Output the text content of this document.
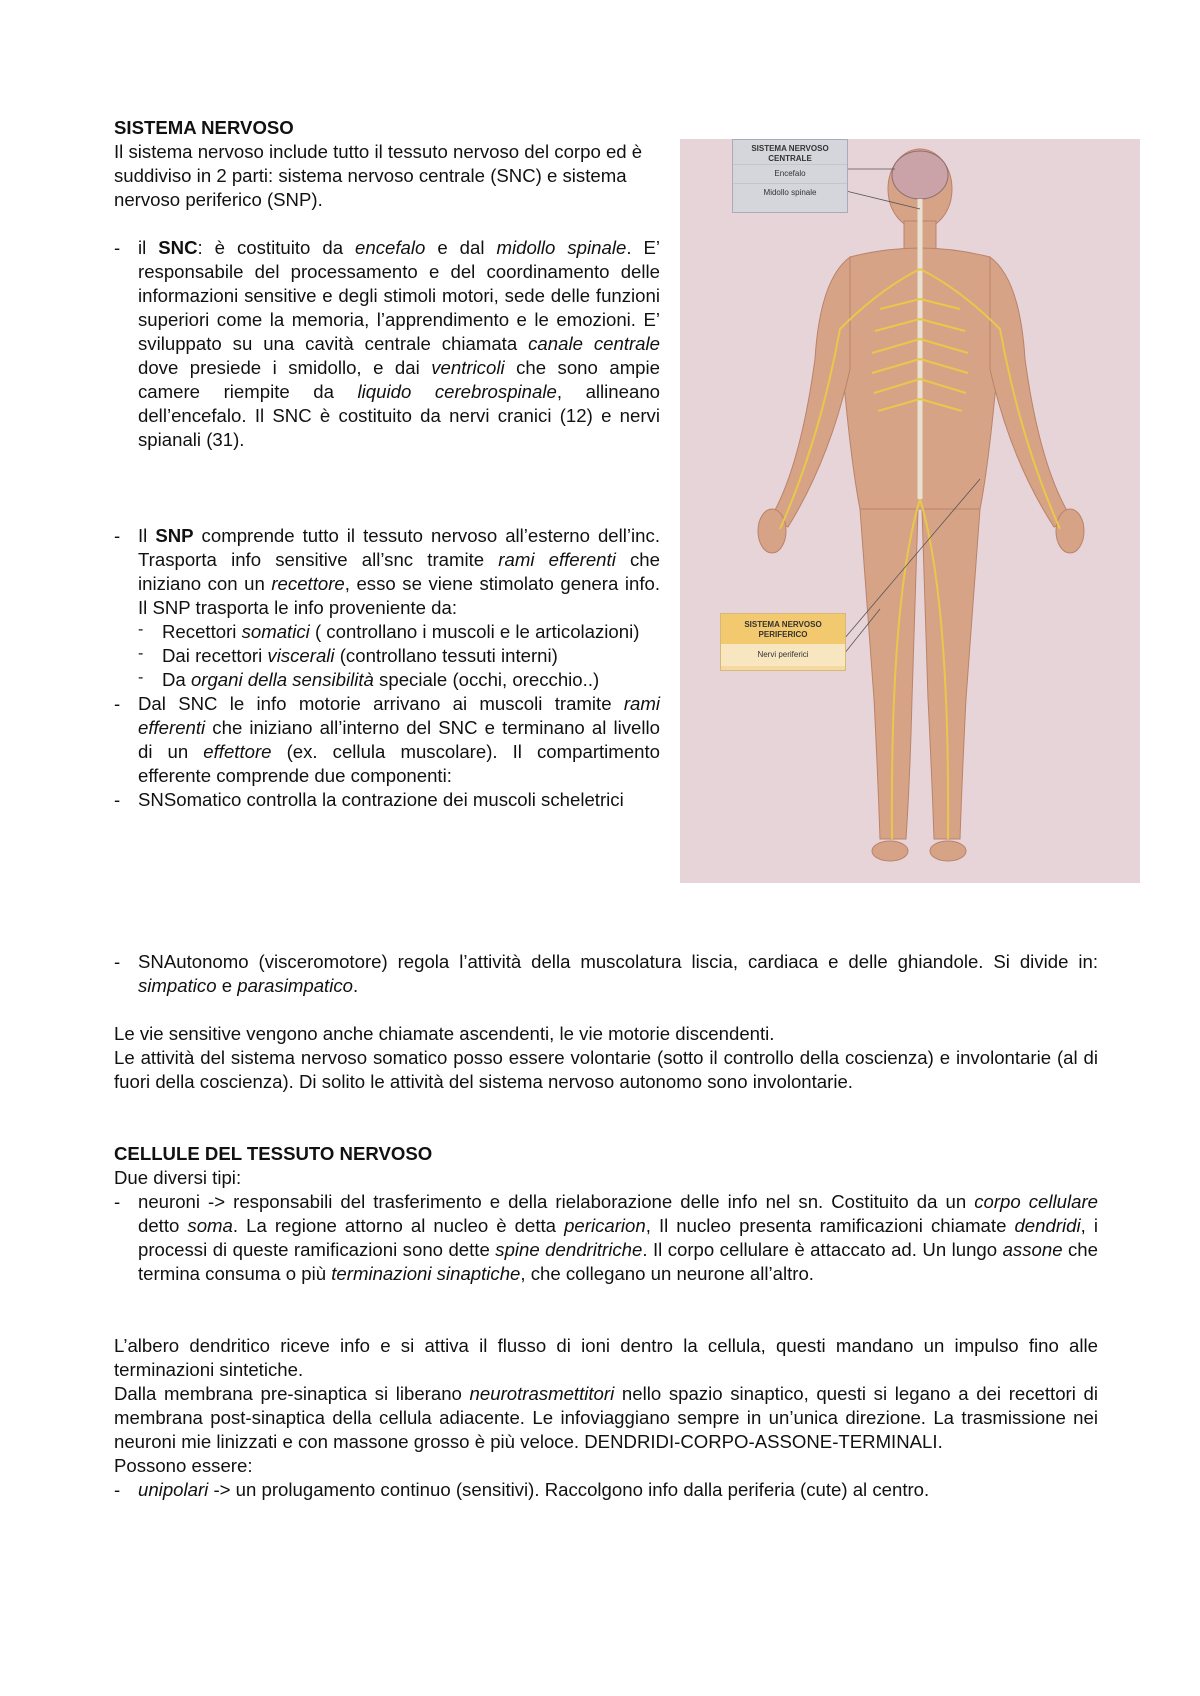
SISTEMA NERVOSO
Il sistema nervoso include tutto il tessuto nervoso del corpo ed è suddiviso in 2 parti: sistema nervoso centrale (SNC) e sistema nervoso periferico (SNP).
- il SNC: è costituito da encefalo e dal midollo spinale. E’ responsabile del processamento e del coordinamento delle informazioni sensitive e degli stimoli motori, sede delle funzioni superiori come la memoria, l’apprendimento e le emozioni. E’ sviluppato su una cavità centrale chiamata canale centrale dove presiede i smidollo, e dai ventricoli che sono ampie camere riempite da liquido cerebrospinale, allineano dell’encefalo. Il SNC è costituito da nervi cranici (12) e nervi spianali (31).
- Il SNP comprende tutto il tessuto nervoso all’esterno dell’inc. Trasporta info sensitive all’snc tramite rami efferenti che iniziano con un recettore, esso se viene stimolato genera info. Il SNP trasporta le info proveniente da:
- Recettori somatici ( controllano i muscoli e le articolazioni)
- Dai recettori viscerali (controllano tessuti interni)
- Da organi della sensibilità speciale (occhi, orecchio..)
- Dal SNC le info motorie arrivano ai muscoli tramite rami efferenti che iniziano all’interno del SNC e terminano al livello di un effettore (ex. cellula muscolare). Il compartimento efferente comprende due componenti:
- SNSomatico controlla la contrazione dei muscoli scheletrici
- SNAutonomo (visceromotore) regola l’attività della muscolatura liscia, cardiaca e delle ghiandole. Si divide in: simpatico e parasimpatico.
Le vie sensitive vengono anche chiamate ascendenti, le vie motorie discendenti.
Le attività del sistema nervoso somatico posso essere volontarie (sotto il controllo della coscienza) e involontarie (al di fuori della coscienza). Di solito le attività del sistema nervoso autonomo sono involontarie.
CELLULE DEL TESSUTO NERVOSO
Due diversi tipi:
- neuroni -> responsabili del trasferimento e della rielaborazione delle info nel sn. Costituito da un corpo cellulare detto soma. La regione attorno al nucleo è detta pericarion, Il nucleo presenta ramificazioni chiamate dendridi, i processi di queste ramificazioni sono dette spine dendritriche. Il corpo cellulare è attaccato ad. Un lungo assone che termina consuma o più terminazioni sinaptiche, che collegano un neurone all’altro.
L’albero dendritico riceve info e si attiva il flusso di ioni dentro la cellula, questi mandano un impulso fino alle terminazioni sintetiche.
Dalla membrana pre-sinaptica si liberano neurotrasmettitori nello spazio sinaptico, questi si legano a dei recettori di membrana post-sinaptica della cellula adiacente. Le infoviaggiano sempre in un’unica direzione. La trasmissione nei neuroni mie linizzati e con massone grosso è più veloce. DENDRIDI-CORPO-ASSONE-TERMINALI.
Possono essere:
- unipolari -> un prolugamento continuo (sensitivi). Raccolgono info dalla periferia (cute) al centro.
SISTEMA NERVOSO CENTRALE
Encefalo
Midollo spinale
SISTEMA NERVOSO PERIFERICO
Nervi periferici
